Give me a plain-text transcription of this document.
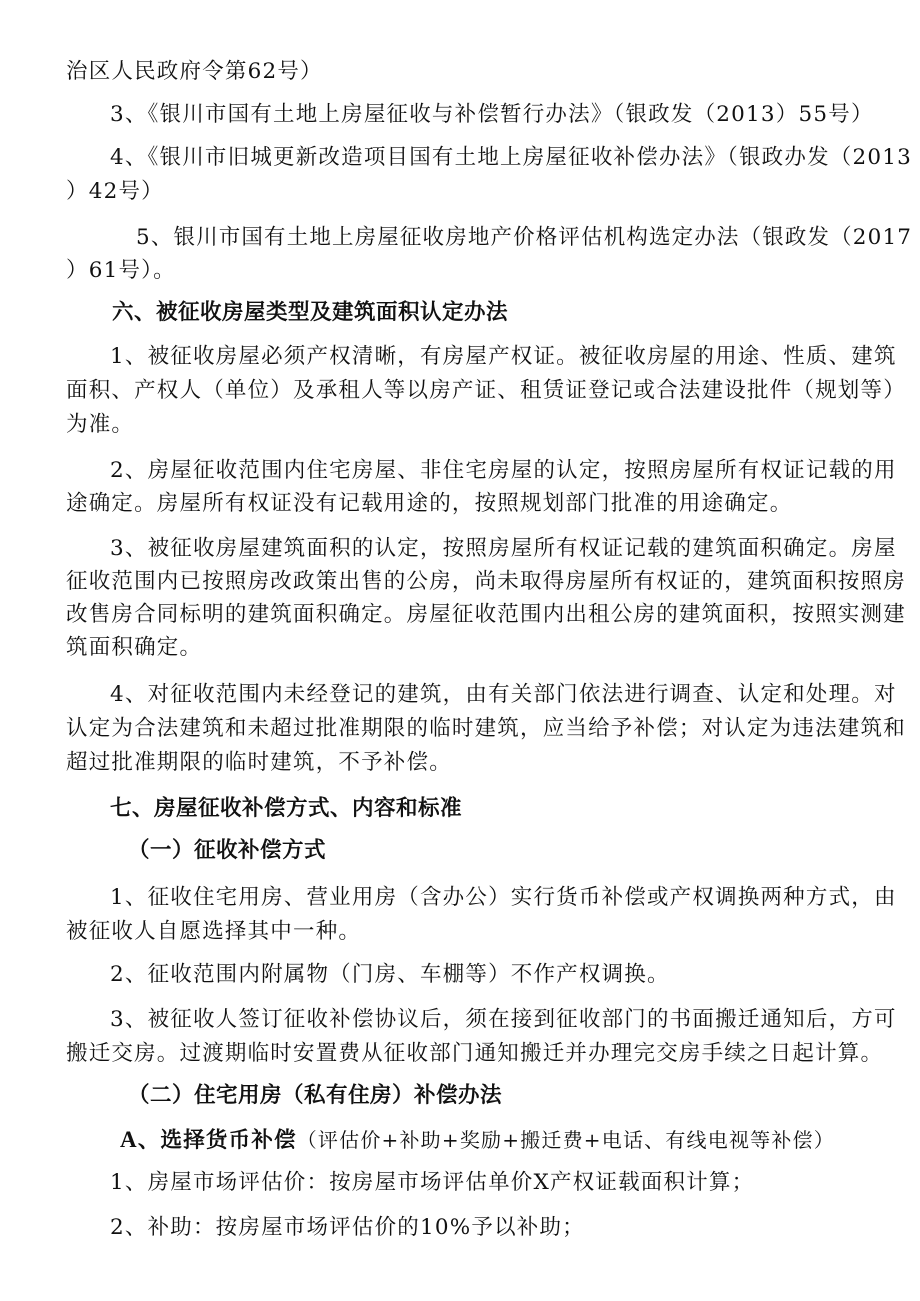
治区人民政府令第62号）
3、《银川市国有土地上房屋征收与补偿暂行办法》（银政发（2013）55号）
4、《银川市旧城更新改造项目国有土地上房屋征收补偿办法》（银政办发（2013
）42号）
5、银川市国有土地上房屋征收房地产价格评估机构选定办法（银政发（2017
）61号）。
六、被征收房屋类型及建筑面积认定办法
1、被征收房屋必须产权清晰，有房屋产权证。被征收房屋的用途、性质、建筑
面积、产权人（单位）及承租人等以房产证、租赁证登记或合法建设批件（规划等）
为准。
2、房屋征收范围内住宅房屋、非住宅房屋的认定，按照房屋所有权证记载的用
途确定。房屋所有权证没有记载用途的，按照规划部门批准的用途确定。
3、被征收房屋建筑面积的认定，按照房屋所有权证记载的建筑面积确定。房屋
征收范围内已按照房改政策出售的公房，尚未取得房屋所有权证的，建筑面积按照房
改售房合同标明的建筑面积确定。房屋征收范围内出租公房的建筑面积，按照实测建
筑面积确定。
4、对征收范围内未经登记的建筑，由有关部门依法进行调查、认定和处理。对
认定为合法建筑和未超过批准期限的临时建筑，应当给予补偿；对认定为违法建筑和
超过批准期限的临时建筑，不予补偿。
七、房屋征收补偿方式、内容和标准
（一）征收补偿方式
1、征收住宅用房、营业用房（含办公）实行货币补偿或产权调换两种方式，由
被征收人自愿选择其中一种。
2、征收范围内附属物（门房、车棚等）不作产权调换。
3、被征收人签订征收补偿协议后，须在接到征收部门的书面搬迁通知后，方可
搬迁交房。过渡期临时安置费从征收部门通知搬迁并办理完交房手续之日起计算。
（二）住宅用房（私有住房）补偿办法
A、选择货币补偿（评估价+补助+奖励+搬迁费+电话、有线电视等补偿）
1、房屋市场评估价：按房屋市场评估单价X产权证载面积计算；
2、补助：按房屋市场评估价的10%予以补助；
